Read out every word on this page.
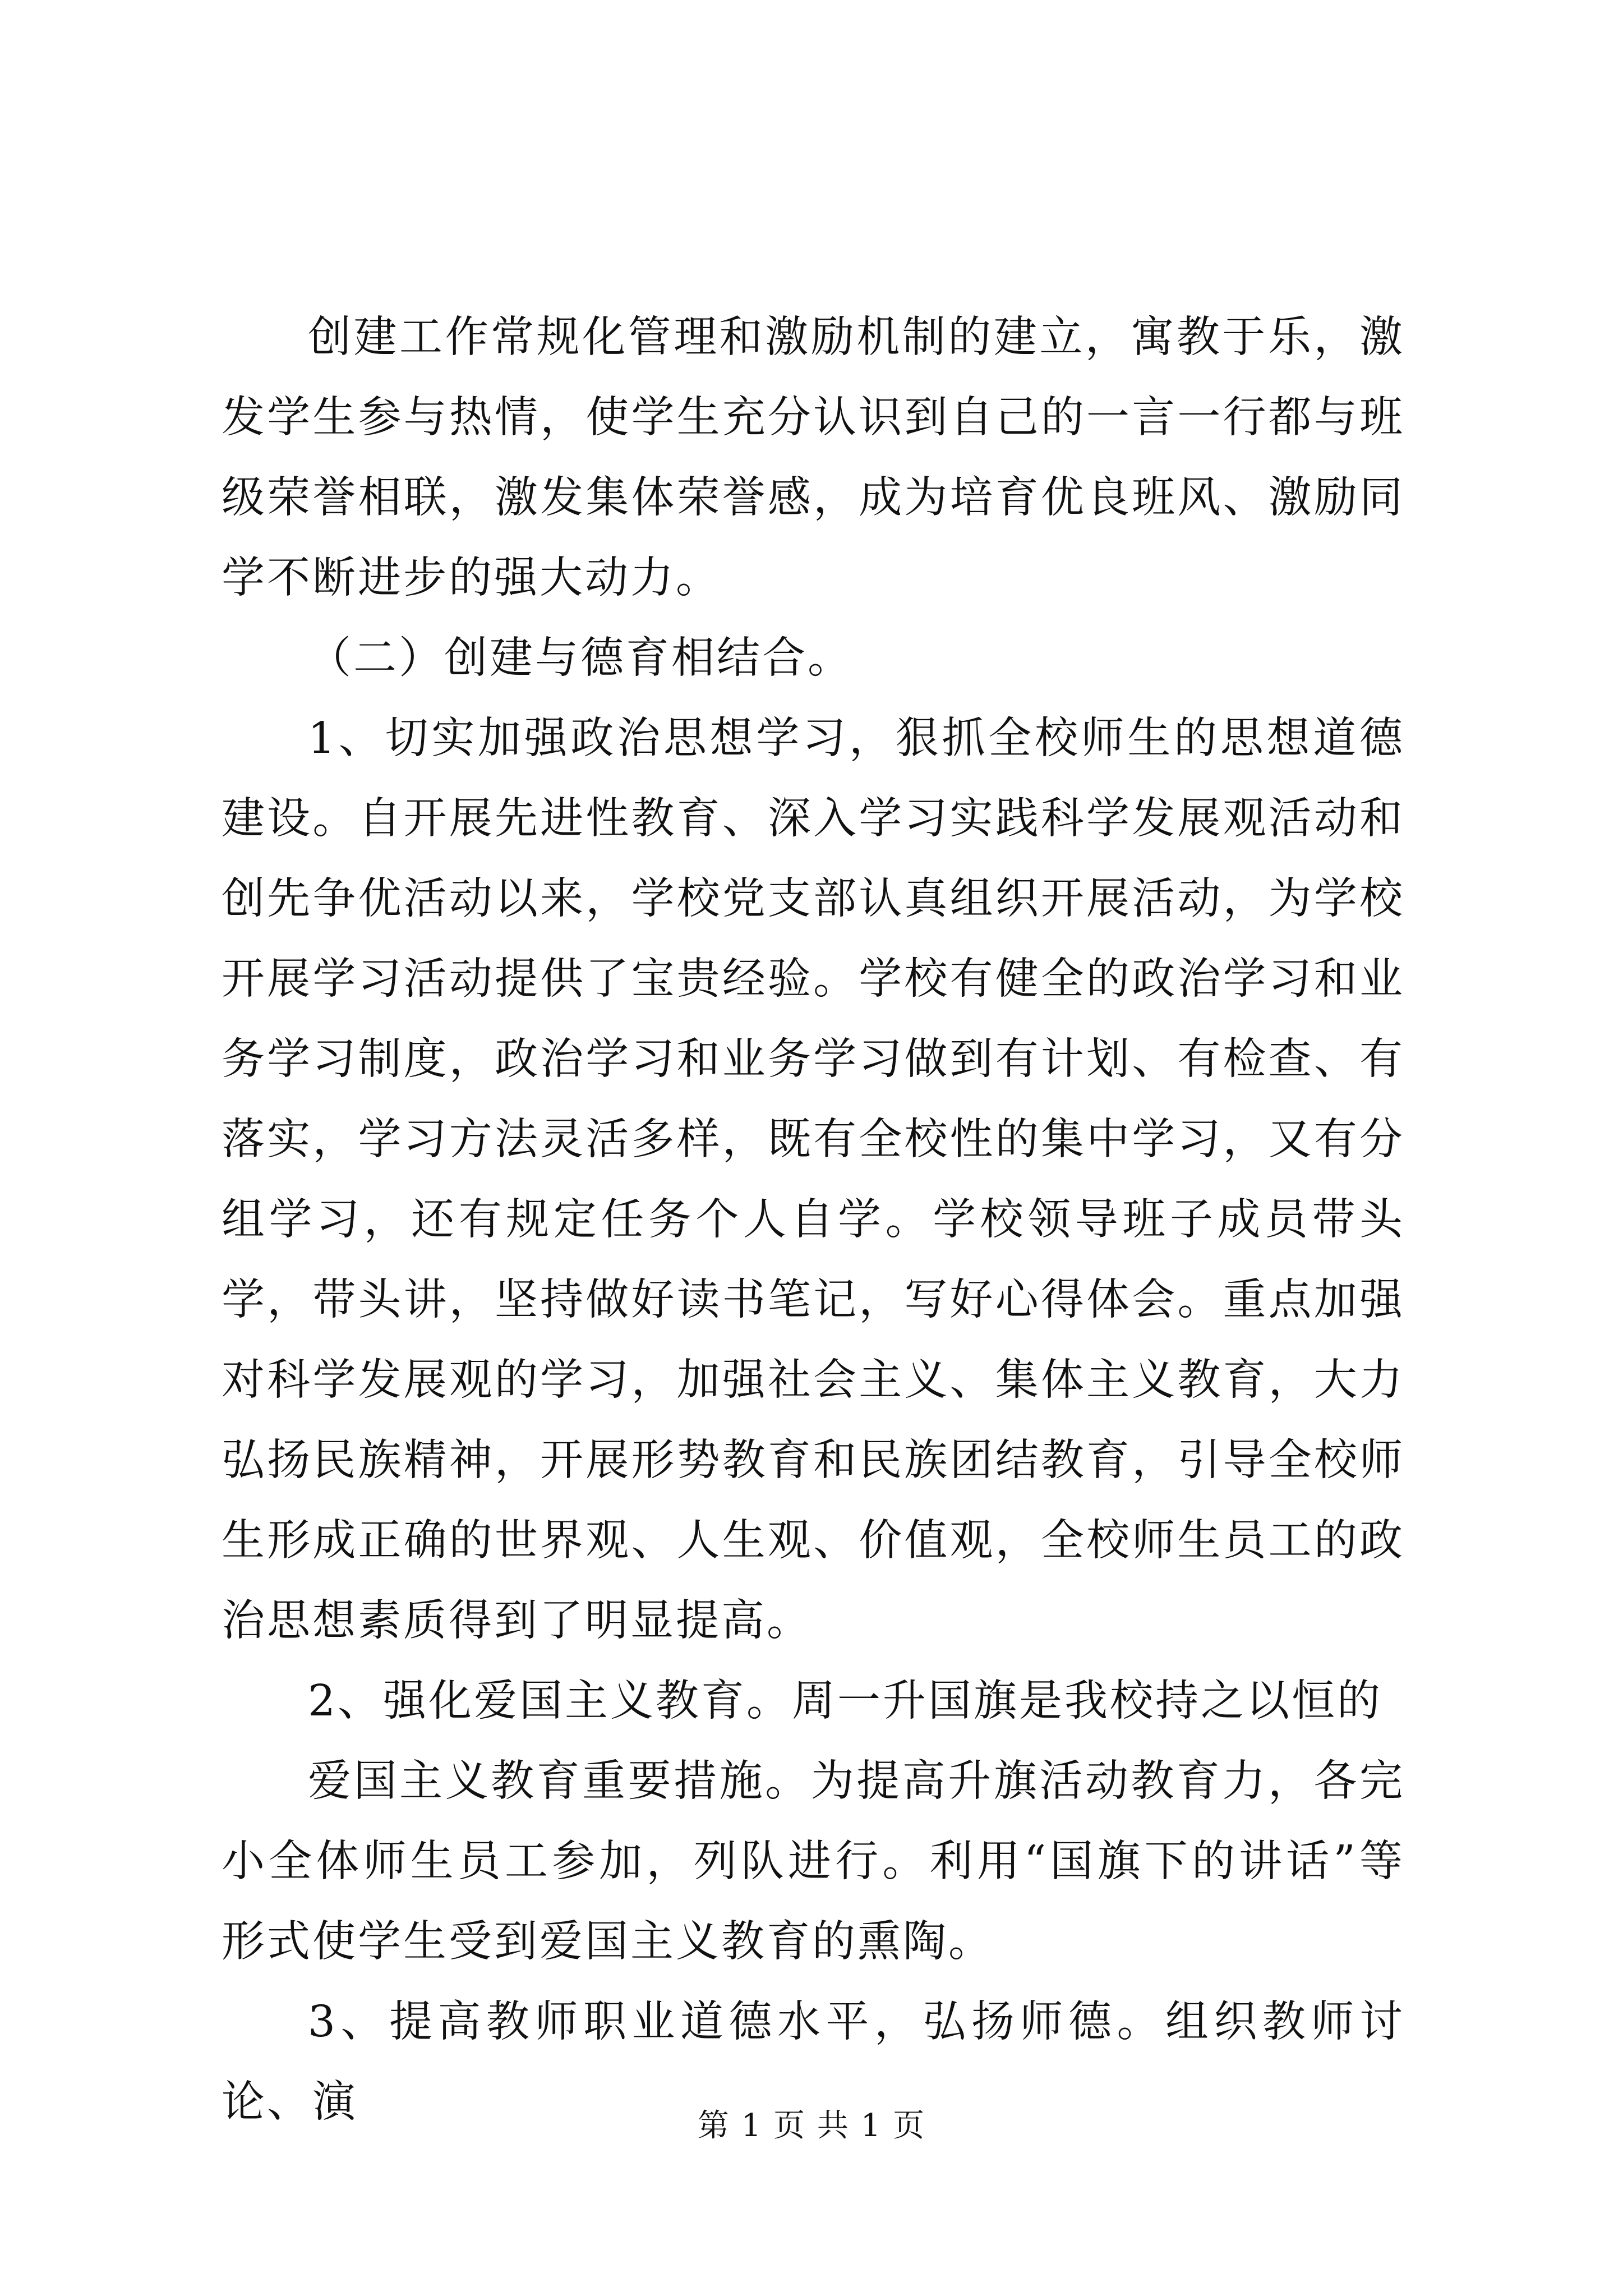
创建工作常规化管理和激励机制的建立，寓教于乐，激发学生参与热情，使学生充分认识到自己的一言一行都与班级荣誉相联，激发集体荣誉感，成为培育优良班风、激励同学不断进步的强大动力。

（二）创建与德育相结合。

1、切实加强政治思想学习，狠抓全校师生的思想道德建设。自开展先进性教育、深入学习实践科学发展观活动和创先争优活动以来，学校党支部认真组织开展活动，为学校开展学习活动提供了宝贵经验。学校有健全的政治学习和业务学习制度，政治学习和业务学习做到有计划、有检查、有落实，学习方法灵活多样，既有全校性的集中学习，又有分组学习，还有规定任务个人自学。学校领导班子成员带头学，带头讲，坚持做好读书笔记，写好心得体会。重点加强对科学发展观的学习，加强社会主义、集体主义教育，大力弘扬民族精神，开展形势教育和民族团结教育，引导全校师生形成正确的世界观、人生观、价值观，全校师生员工的政治思想素质得到了明显提高。

2、强化爱国主义教育。周一升国旗是我校持之以恒的

爱国主义教育重要措施。为提高升旗活动教育力，各完小全体师生员工参加，列队进行。利用“国旗下的讲话”等形式使学生受到爱国主义教育的熏陶。

3、提高教师职业道德水平，弘扬师德。组织教师讨论、演	第 1 页 共 1 页
